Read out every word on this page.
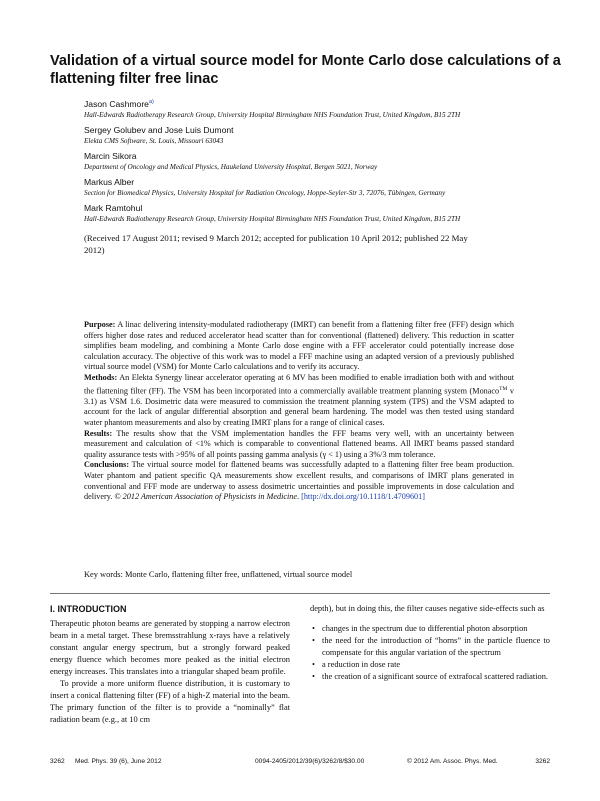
Validation of a virtual source model for Monte Carlo dose calculations of a flattening filter free linac
Jason Cashmore$^{a)}$
Hall-Edwards Radiotherapy Research Group, University Hospital Birmingham NHS Foundation Trust, United Kingdom, B15 2TH
Sergey Golubev and Jose Luis Dumont
Elekta CMS Software, St. Louis, Missouri 63043
Marcin Sikora
Department of Oncology and Medical Physics, Haukeland University Hospital, Bergen 5021, Norway
Markus Alber
Section for Biomedical Physics, University Hospital for Radiation Oncology, Hoppe-Seyler-Str 3, 72076, Tübingen, Germany
Mark Ramtohul
Hall-Edwards Radiotherapy Research Group, University Hospital Birmingham NHS Foundation Trust, United Kingdom, B15 2TH
(Received 17 August 2011; revised 9 March 2012; accepted for publication 10 April 2012; published 22 May 2012)

Purpose: A linac delivering intensity-modulated radiotherapy (IMRT) can benefit from a flattening filter free (FFF) design which offers higher dose rates and reduced accelerator head scatter than for conventional (flattened) delivery. This reduction in scatter simplifies beam modeling, and combining a Monte Carlo dose engine with a FFF accelerator could potentially increase dose calculation accuracy. The objective of this work was to model a FFF machine using an adapted version of a previously published virtual source model (VSM) for Monte Carlo calculations and to verify its accuracy.

Methods: An Elekta Synergy linear accelerator operating at 6 MV has been modified to enable irradiation both with and without the flattening filter (FF). The VSM has been incorporated into a commercially available treatment planning system (Monaco™ v 3.1) as VSM 1.6. Dosimetric data were measured to commission the treatment planning system (TPS) and the VSM adapted to account for the lack of angular differential absorption and general beam hardening. The model was then tested using standard water phantom measurements and also by creating IMRT plans for a range of clinical cases.

Results: The results show that the VSM implementation handles the FFF beams very well, with an uncertainty between measurement and calculation of <1% which is comparable to conventional flattened beams. All IMRT beams passed standard quality assurance tests with >95% of all points passing gamma analysis (γ < 1) using a 3%/3 mm tolerance.

Conclusions: The virtual source model for flattened beams was successfully adapted to a flattening filter free beam production. Water phantom and patient specific QA measurements show excellent results, and comparisons of IMRT plans generated in conventional and FFF mode are underway to assess dosimetric uncertainties and possible improvements in dose calculation and delivery. © 2012 American Association of Physicists in Medicine. [http://dx.doi.org/10.1118/1.4709601]

Key words: Monte Carlo, flattening filter free, unflattened, virtual source model
I. INTRODUCTION

Therapeutic photon beams are generated by stopping a narrow electron beam in a metal target. These bremsstrahlung x-rays have a relatively constant angular energy spectrum, but a strongly forward peaked energy fluence which becomes more peaked as the initial electron energy increases. This translates into a triangular shaped beam profile.

To provide a more uniform fluence distribution, it is customary to insert a conical flattening filter (FF) of a high-Z material into the beam. The primary function of the filter is to provide a “nominally” flat radiation beam (e.g., at 10 cm

depth), but in doing this, the filter causes negative side-effects such as

• changes in the spectrum due to differential photon absorption
• the need for the introduction of “horns” in the particle fluence to compensate for this angular variation of the spectrum
• a reduction in dose rate
• the creation of a significant source of extrafocal scattered radiation.
3262 Med. Phys. 39 (6), June 2012	0094-2405/2012/39(6)/3262/8/$30.00	© 2012 Am. Assoc. Phys. Med.	3262
